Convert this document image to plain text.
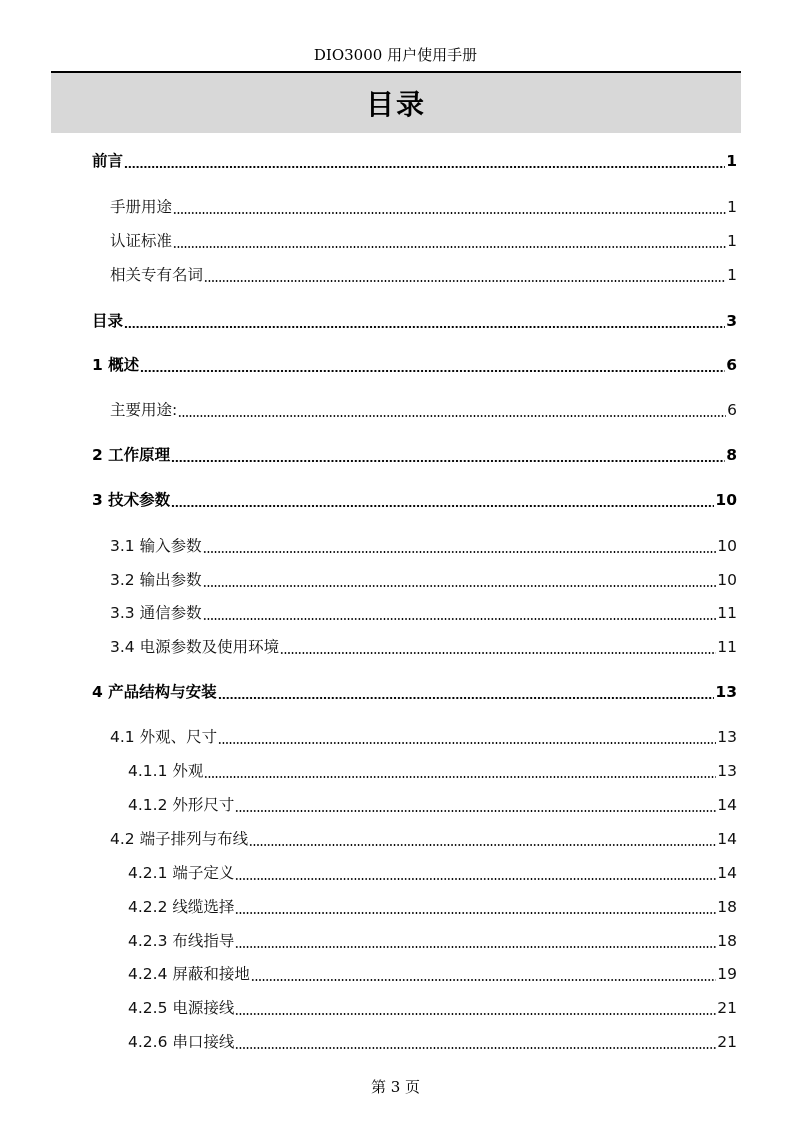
DIO3000 用户使用手册
目录
前言	1
手册用途	1
认证标准	1
相关专有名词	1
目录	3
1 概述	6
主要用途:	6
2 工作原理	8
3 技术参数	10
3.1 输入参数	10
3.2 输出参数	10
3.3 通信参数	11
3.4 电源参数及使用环境	11
4 产品结构与安装	13
4.1 外观、尺寸	13
4.1.1 外观	13
4.1.2 外形尺寸	14
4.2 端子排列与布线	14
4.2.1 端子定义	14
4.2.2 线缆选择	18
4.2.3 布线指导	18
4.2.4 屏蔽和接地	19
4.2.5 电源接线	21
4.2.6 串口接线	21
第 3 页
